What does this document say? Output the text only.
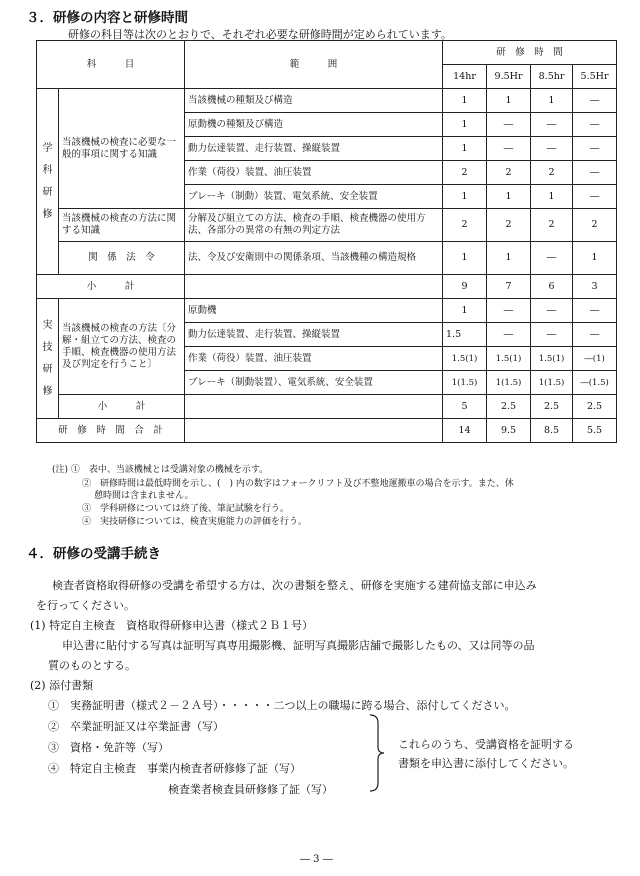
３．研修の内容と研修時間
研修の科目等は次のとおりで、それぞれ必要な研修時間が定められています。
科　　　目		範　　　囲	研　修　時　間			
			14hr	9.5Hr	8.5hr	5.5Hr
学
科
研
修	当該機械の検査に必要な一般的事項に関する知識	当該機械の種類及び構造	1	1	1	―
		原動機の種類及び構造	1	―	―	―
		動力伝達装置、走行装置、操縦装置	1	―	―	―
		作業（荷役）装置、油圧装置	2	2	2	―
		ブレーキ（制動）装置、電気系統、安全装置	1	1	1	―
	当該機械の検査の方法に関する知識	分解及び組立ての方法、検査の手順、検査機器の使用方法、各部分の異常の有無の判定方法	2	2	2	2
	関　係　法　令	法、令及び安衛則中の関係条項、当該機種の構造規格	1	1	―	1
小　　　計			9	7	6	3
実
技
研
修	当該機械の検査の方法〔分解・組立ての方法、検査の手順、検査機器の使用方法及び判定を行うこと〕	原動機	1	―	―	―
		動力伝達装置、走行装置、操縦装置	1.5	―	―	―
		作業（荷役）装置、油圧装置	1.5(1)	1.5(1)	1.5(1)	―(1)
		ブレーキ（制動装置）、電気系統、安全装置	1(1.5)	1(1.5)	1(1.5)	―(1.5)
	小　　　計		5	2.5	2.5	2.5
研　修　時　間　合　計			14	9.5	8.5	5.5
(注) ①　 表中、当該機械とは受講対象の機械を示す。
②　 研修時間は最低時間を示し、(　) 内の数字はフォークリフト及び不整地運搬車の場合を示す。また、休
憩時間は含まれません。
③　 学科研修については終了後、筆記試験を行う。
④　 実技研修については、検査実施能力の評価を行う。
４．研修の受講手続き
検査者資格取得研修の受講を希望する方は、次の書類を整え、研修を実施する建荷協支部に申込み
を行ってください。
(1) 特定自主検査　資格取得研修申込書（様式２Ｂ１号）
申込書に貼付する写真は証明写真専用撮影機、証明写真撮影店舗で撮影したもの、又は同等の品
質のものとする。
(2) 添付書類
①　 実務証明書（様式２－２Ａ号）・・・・・二つ以上の職場に跨る場合、添付してください。
②　 卒業証明証又は卒業証書（写）
③　 資格・免許等（写）
④　 特定自主検査　事業内検査者研修修了証（写）
検査業者検査員研修修了証（写）
これらのうち、受講資格を証明する
書類を申込書に添付してください。
― 3 ―
